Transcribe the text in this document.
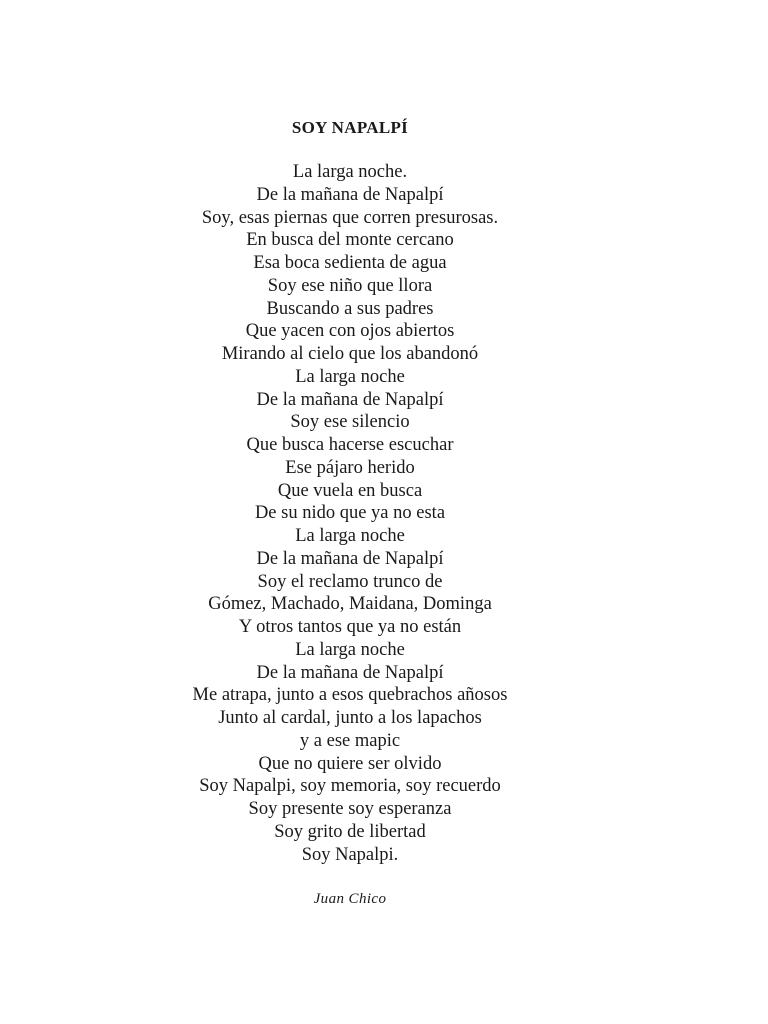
SOY NAPALPÍ
La larga noche.
De la mañana de Napalpí
Soy, esas piernas que corren presurosas.
En busca del monte cercano
Esa boca sedienta de agua
Soy ese niño que llora
Buscando a sus padres
Que yacen con ojos abiertos
Mirando al cielo que los abandonó
La larga noche
De la mañana de Napalpí
Soy ese silencio
Que busca hacerse escuchar
Ese pájaro herido
Que vuela en busca
De su nido que ya no esta
La larga noche
De la mañana de Napalpí
Soy el reclamo trunco de
Gómez, Machado, Maidana, Dominga
Y otros tantos que ya no están
La larga noche
De la mañana de Napalpí
Me atrapa, junto a esos quebrachos añosos
Junto al cardal, junto a los lapachos
y a ese mapic
Que no quiere ser olvido
Soy Napalpi, soy memoria, soy recuerdo
Soy presente soy esperanza
Soy grito de libertad
Soy Napalpi.
Juan Chico
